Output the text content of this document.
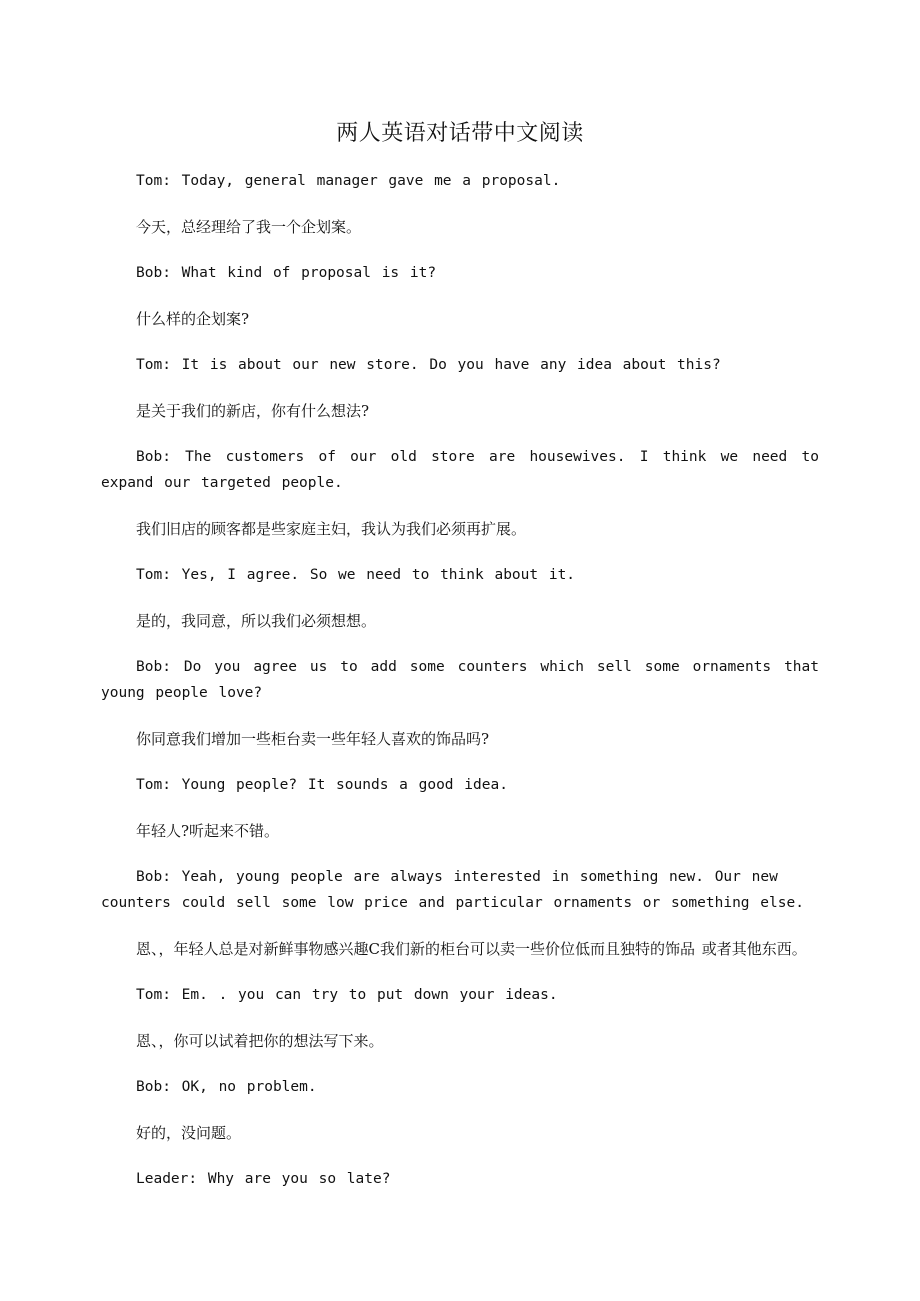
两人英语对话带中文阅读

Tom: Today, general manager gave me a proposal.

今天，总经理给了我一个企划案。

Bob: What kind of proposal is it?

什么样的企划案?

Tom: It is about our new store. Do you have any idea about this?

是关于我们的新店，你有什么想法?

Bob: The customers of our old store are housewives. I think we need to expand our targeted people.

我们旧店的顾客都是些家庭主妇，我认为我们必须再扩展。

Tom: Yes, I agree. So we need to think about it.

是的，我同意，所以我们必须想想。

Bob: Do you agree us to add some counters which sell some ornaments that young people love?

你同意我们增加一些柜台卖一些年轻人喜欢的饰品吗?

Tom: Young people? It sounds a good idea.

年轻人?听起来不错。

Bob: Yeah, young people are always interested in something new. Our new counters could sell some low price and particular ornaments or something else.

恩、，年轻人总是对新鲜事物感兴趣C我们新的柜台可以卖一些价位低而且独特的饰品 或者其他东西。

Tom: Em. . you can try to put down your ideas.

恩、，你可以试着把你的想法写下来。

Bob: OK, no problem.

好的，没问题。

Leader: Why are you so late?
